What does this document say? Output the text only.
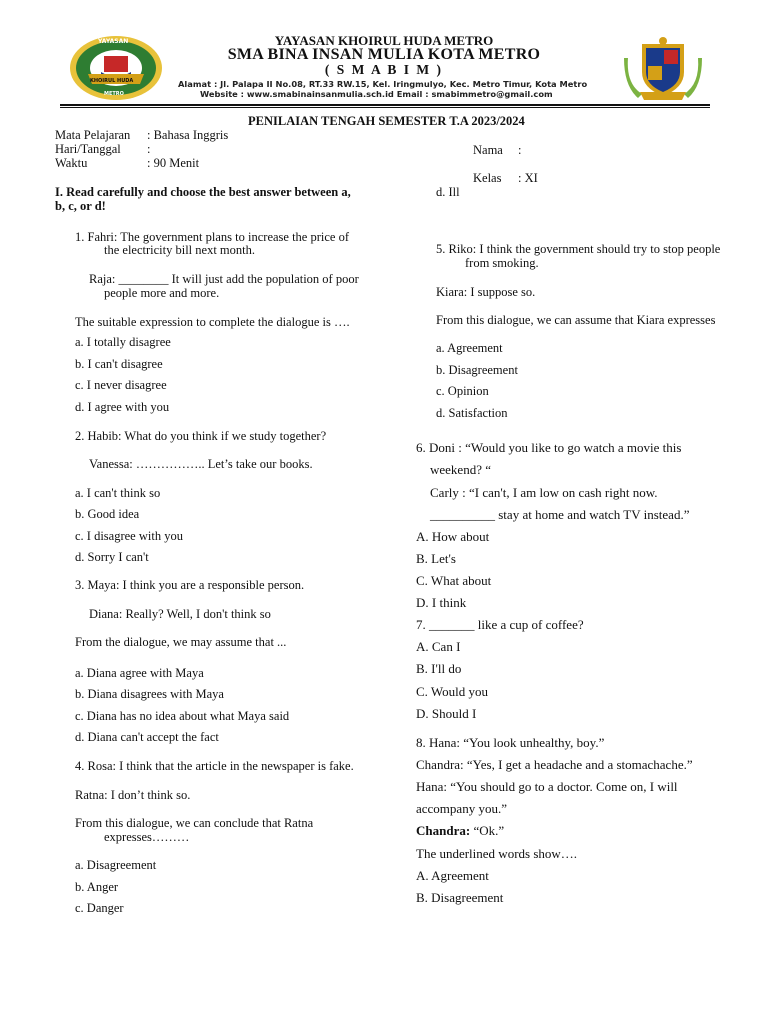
YAYASAN
KHOIRUL HUDA
METRO
YAYASAN KHOIRUL HUDA METRO
SMA BINA INSAN MULIA KOTA METRO
( S M A B I M )
Alamat : Jl. Palapa II No.08, RT.33 RW.15, Kel. Iringmulyo, Kec. Metro Timur, Kota Metro
Website : www.smabinainsanmulia.sch.id Email : smabimmetro@gmail.com
PENILAIAN TENGAH SEMESTER T.A 2023/2024
Mata Pelajaran : Bahasa Inggris
Hari/Tanggal :
Waktu	: 90 Menit
Nama :
Kelas : XI
I. Read carefully and choose the best answer between a,
b, c, or d!
1. Fahri: The government plans to increase the price of
the electricity bill next month.
Raja: ________ It will just add the population of poor
people more and more.
The suitable expression to complete the dialogue is ….
a. I totally disagree
b. I can't disagree
c. I never disagree
d. I agree with you
2. Habib: What do you think if we study together?
Vanessa: …………….. Let’s take our books.
a. I can't think so
b. Good idea
c. I disagree with you
d. Sorry I can't
3. Maya: I think you are a responsible person.
Diana: Really? Well, I don't think so
From the dialogue, we may assume that ...
a. Diana agree with Maya
b. Diana disagrees with Maya
c. Diana has no idea about what Maya said
d. Diana can't accept the fact
4. Rosa: I think that the article in the newspaper is fake.
Ratna: I don’t think so.
From this dialogue, we can conclude that Ratna
expresses………
a. Disagreement
b. Anger
c. Danger
d. Ill
5. Riko: I think the government should try to stop people
from smoking.
Kiara: I suppose so.
From this dialogue, we can assume that Kiara expresses
a. Agreement
b. Disagreement
c. Opinion
d. Satisfaction
6. Doni : “Would you like to go watch a movie this
weekend? “
Carly : “I can't, I am low on cash right now.
__________ stay at home and watch TV instead.”
A. How about
B. Let's
C. What about
D. I think
7. _______ like a cup of coffee?
A. Can I
B. I'll do
C. Would you
D. Should I
8. Hana: “You look unhealthy, boy.”
Chandra: “Yes, I get a headache and a stomachache.”
Hana: “You should go to a doctor. Come on, I will
accompany you.”
Chandra: “Ok.”
The underlined words show….
A. Agreement
B. Disagreement
